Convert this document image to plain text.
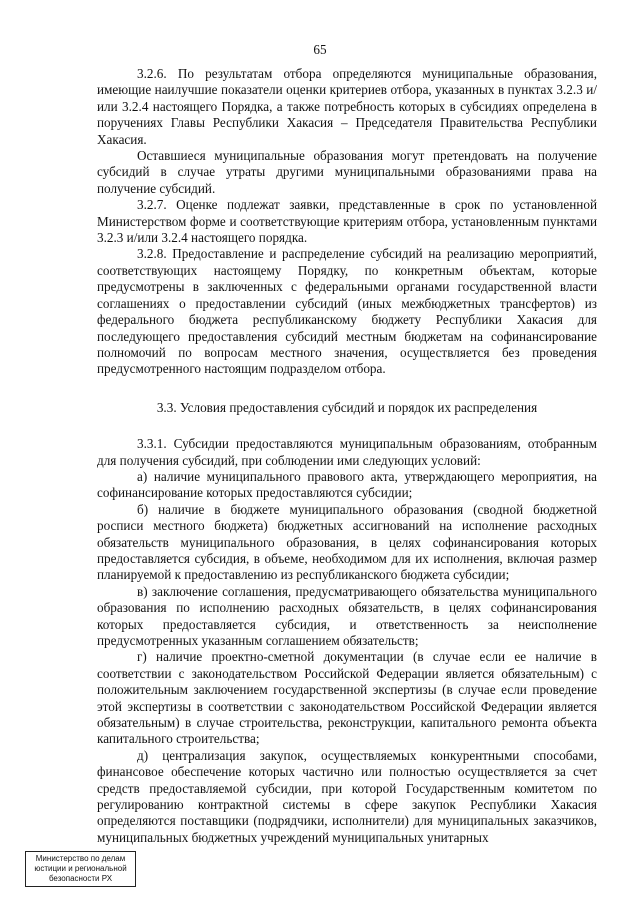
65

3.2.6. По результатам отбора определяются муниципальные образования, имеющие наилучшие показатели оценки критериев отбора, указанных в пунктах 3.2.3 и/или 3.2.4 настоящего Порядка, а также потребность которых в субсидиях определена в поручениях Главы Республики Хакасия – Председателя Правительства Республики Хакасия.

Оставшиеся муниципальные образования могут претендовать на получение субсидий в случае утраты другими муниципальными образованиями права на получение субсидий.

3.2.7. Оценке подлежат заявки, представленные в срок по установленной Министерством форме и соответствующие критериям отбора, установленным пунктами 3.2.3 и/или 3.2.4 настоящего порядка.

3.2.8. Предоставление и распределение субсидий на реализацию мероприятий, соответствующих настоящему Порядку, по конкретным объектам, которые предусмотрены в заключенных с федеральными органами государственной власти соглашениях о предоставлении субсидий (иных межбюджетных трансфертов) из федерального бюджета республиканскому бюджету Республики Хакасия для последующего предоставления субсидий местным бюджетам на софинансирование полномочий по вопросам местного значения, осуществляется без проведения предусмотренного настоящим подразделом отбора.

3.3. Условия предоставления субсидий и порядок их распределения

3.3.1. Субсидии предоставляются муниципальным образованиям, отобранным для получения субсидий, при соблюдении ими следующих условий:

а) наличие муниципального правового акта, утверждающего мероприятия, на софинансирование которых предоставляются субсидии;

б) наличие в бюджете муниципального образования (сводной бюджетной росписи местного бюджета) бюджетных ассигнований на исполнение расходных обязательств муниципального образования, в целях софинансирования которых предоставляется субсидия, в объеме, необходимом для их исполнения, включая размер планируемой к предоставлению из республиканского бюджета субсидии;

в) заключение соглашения, предусматривающего обязательства муниципального образования по исполнению расходных обязательств, в целях софинансирования которых предоставляется субсидия, и ответственность за неисполнение предусмотренных указанным соглашением обязательств;

г) наличие проектно-сметной документации (в случае если ее наличие в соответствии с законодательством Российской Федерации является обязательным) с положительным заключением государственной экспертизы (в случае если проведение этой экспертизы в соответствии с законодательством Российской Федерации является обязательным) в случае строительства, реконструкции, капитального ремонта объекта капитального строительства;

д) централизация закупок, осуществляемых конкурентными способами, финансовое обеспечение которых частично или полностью осуществляется за счет средств предоставляемой субсидии, при которой Государственным комитетом по регулированию контрактной системы в сфере закупок Республики Хакасия определяются поставщики (подрядчики, исполнители) для муниципальных заказчиков, муниципальных бюджетных учреждений муниципальных унитарных

Министерство по делам
юстиции и региональной
безопасности РХ
